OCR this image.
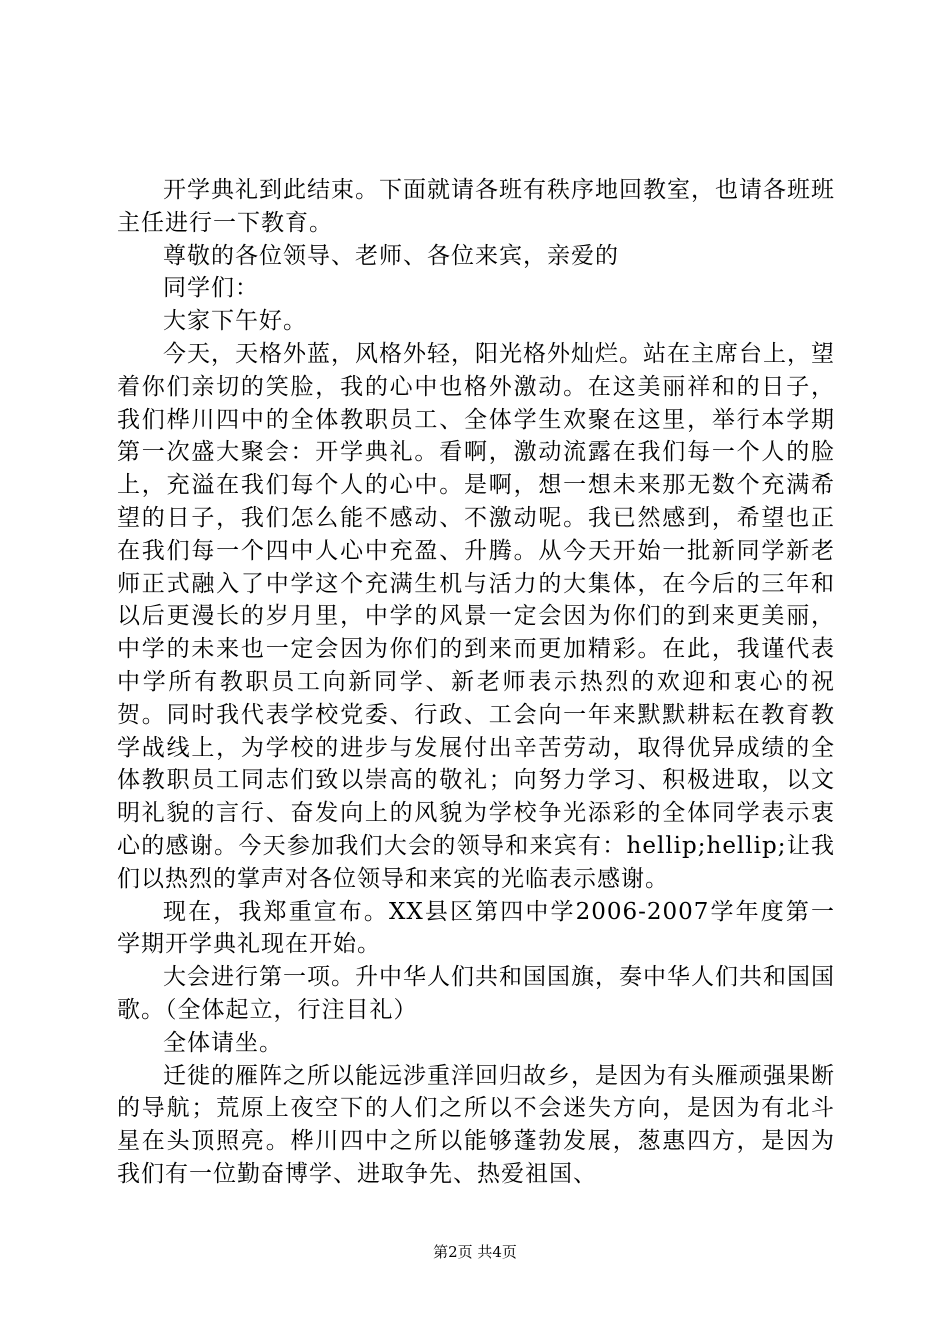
开学典礼到此结束。下面就请各班有秩序地回教室，也请各班班主任进行一下教育。

尊敬的各位领导、老师、各位来宾，亲爱的

同学们：

大家下午好。

今天，天格外蓝，风格外轻，阳光格外灿烂。站在主席台上，望着你们亲切的笑脸，我的心中也格外激动。在这美丽祥和的日子，我们桦川四中的全体教职员工、全体学生欢聚在这里，举行本学期第一次盛大聚会：开学典礼。看啊，激动流露在我们每一个人的脸上，充溢在我们每个人的心中。是啊，想一想未来那无数个充满希望的日子，我们怎么能不感动、不激动呢。我已然感到，希望也正在我们每一个四中人心中充盈、升腾。从今天开始一批新同学新老师正式融入了中学这个充满生机与活力的大集体，在今后的三年和以后更漫长的岁月里，中学的风景一定会因为你们的到来更美丽，中学的未来也一定会因为你们的到来而更加精彩。在此，我谨代表中学所有教职员工向新同学、新老师表示热烈的欢迎和衷心的祝贺。同时我代表学校党委、行政、工会向一年来默默耕耘在教育教学战线上，为学校的进步与发展付出辛苦劳动，取得优异成绩的全体教职员工同志们致以崇高的敬礼；向努力学习、积极进取，以文明礼貌的言行、奋发向上的风貌为学校争光添彩的全体同学表示衷心的感谢。今天参加我们大会的领导和来宾有：hellip;hellip;让我们以热烈的掌声对各位领导和来宾的光临表示感谢。

现在，我郑重宣布。XX县区第四中学2006-2007学年度第一学期开学典礼现在开始。

大会进行第一项。升中华人们共和国国旗，奏中华人们共和国国歌。（全体起立，行注目礼）

全体请坐。

迁徙的雁阵之所以能远涉重洋回归故乡，是因为有头雁顽强果断的导航；荒原上夜空下的人们之所以不会迷失方向，是因为有北斗星在头顶照亮。桦川四中之所以能够蓬勃发展，葱惠四方，是因为我们有一位勤奋博学、进取争先、热爱祖国、

第2页 共4页
